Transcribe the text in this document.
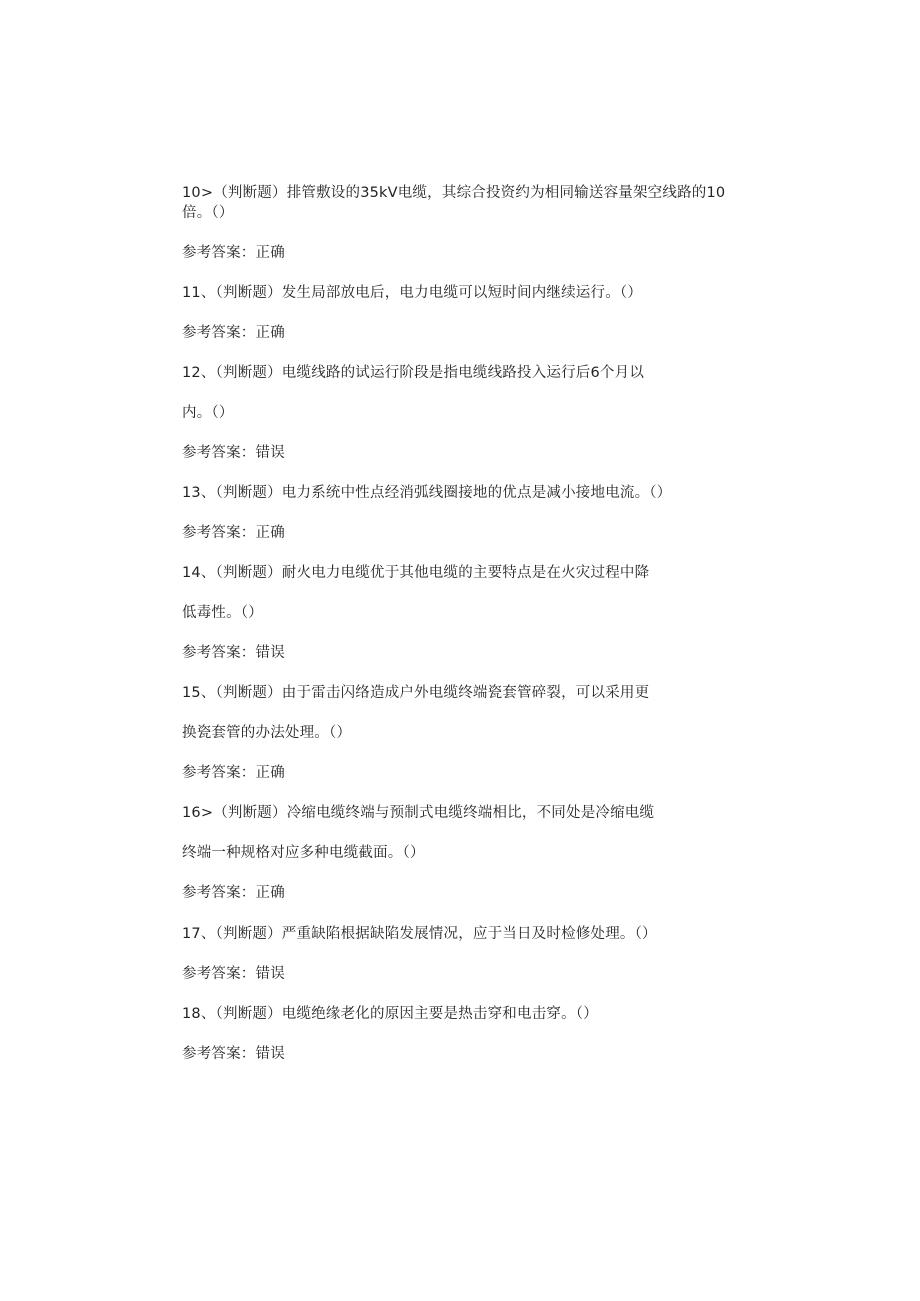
10>（判断题）排管敷设的35kV电缆，其综合投资约为相同输送容量架空线路的10
倍。（）
参考答案：正确
11、（判断题）发生局部放电后，电力电缆可以短时间内继续运行。（）
参考答案：正确
12、（判断题）电缆线路的试运行阶段是指电缆线路投入运行后6个月以
内。（）
参考答案：错误
13、（判断题）电力系统中性点经消弧线圈接地的优点是减小接地电流。（）
参考答案：正确
14、（判断题）耐火电力电缆优于其他电缆的主要特点是在火灾过程中降
低毒性。（）
参考答案：错误
15、（判断题）由于雷击闪络造成户外电缆终端瓷套管碎裂，可以采用更
换瓷套管的办法处理。（）
参考答案：正确
16>（判断题）冷缩电缆终端与预制式电缆终端相比，不同处是冷缩电缆
终端一种规格对应多种电缆截面。（）
参考答案：正确
17、（判断题）严重缺陷根据缺陷发展情况，应于当日及时检修处理。（）
参考答案：错误
18、（判断题）电缆绝缘老化的原因主要是热击穿和电击穿。（）
参考答案：错误
